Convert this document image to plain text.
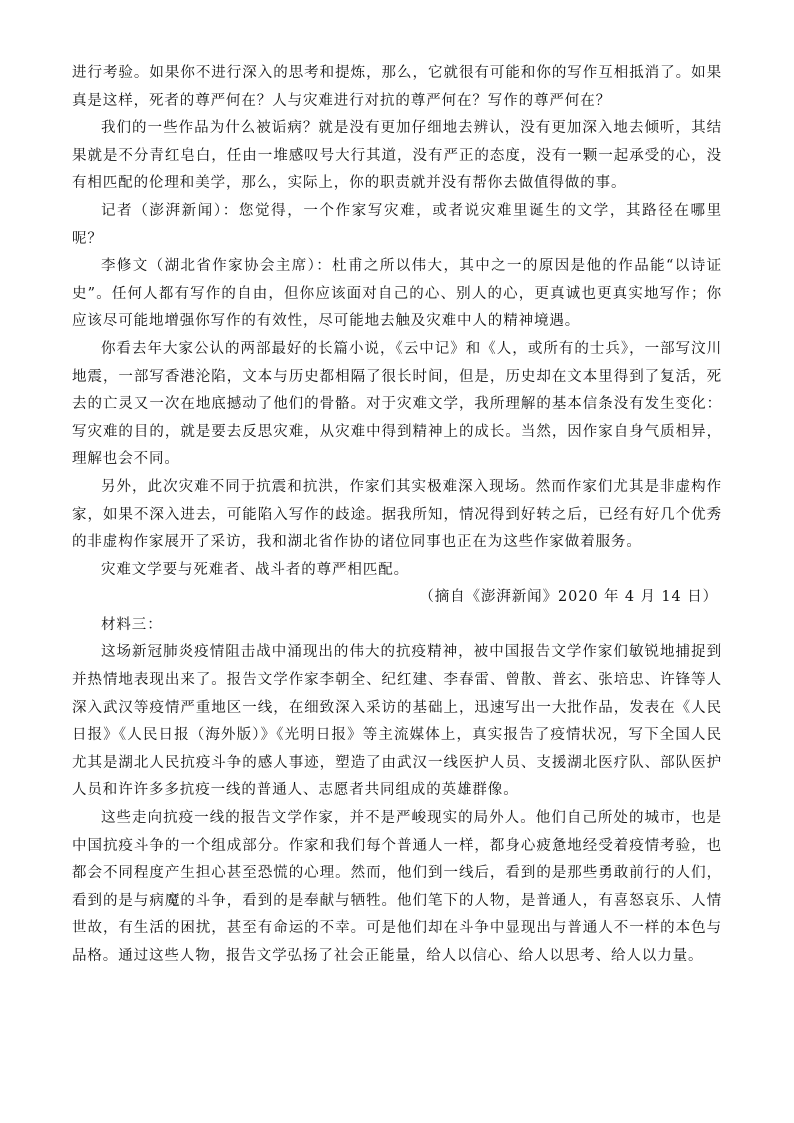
进行考验。如果你不进行深入的思考和提炼，那么，它就很有可能和你的写作互相抵消了。如果真是这样，死者的尊严何在？人与灾难进行对抗的尊严何在？写作的尊严何在？

我们的一些作品为什么被诟病？就是没有更加仔细地去辨认，没有更加深入地去倾听，其结果就是不分青红皂白，任由一堆感叹号大行其道，没有严正的态度，没有一颗一起承受的心，没有相匹配的伦理和美学，那么，实际上，你的职责就并没有帮你去做值得做的事。

记者（澎湃新闻）：您觉得，一个作家写灾难，或者说灾难里诞生的文学，其路径在哪里呢？

李修文（湖北省作家协会主席）：杜甫之所以伟大，其中之一的原因是他的作品能“以诗证史”。任何人都有写作的自由，但你应该面对自己的心、别人的心，更真诚也更真实地写作；你应该尽可能地增强你写作的有效性，尽可能地去触及灾难中人的精神境遇。

你看去年大家公认的两部最好的长篇小说，《云中记》和《人，或所有的士兵》，一部写汶川地震，一部写香港沦陷，文本与历史都相隔了很长时间，但是，历史却在文本里得到了复活，死去的亡灵又一次在地底撼动了他们的骨骼。对于灾难文学，我所理解的基本信条没有发生变化：写灾难的目的，就是要去反思灾难，从灾难中得到精神上的成长。当然，因作家自身气质相异，理解也会不同。

另外，此次灾难不同于抗震和抗洪，作家们其实极难深入现场。然而作家们尤其是非虚构作家，如果不深入进去，可能陷入写作的歧途。据我所知，情况得到好转之后，已经有好几个优秀的非虚构作家展开了采访，我和湖北省作协的诸位同事也正在为这些作家做着服务。

灾难文学要与死难者、战斗者的尊严相匹配。

（摘自《澎湃新闻》2020 年 4 月 14 日）

材料三：

这场新冠肺炎疫情阻击战中涌现出的伟大的抗疫精神，被中国报告文学作家们敏锐地捕捉到并热情地表现出来了。报告文学作家李朝全、纪红建、李春雷、曾散、普玄、张培忠、许锋等人深入武汉等疫情严重地区一线，在细致深入采访的基础上，迅速写出一大批作品，发表在《人民日报》《人民日报（海外版）》《光明日报》等主流媒体上，真实报告了疫情状况，写下全国人民尤其是湖北人民抗疫斗争的感人事迹，塑造了由武汉一线医护人员、支援湖北医疗队、部队医护人员和许许多多抗疫一线的普通人、志愿者共同组成的英雄群像。

这些走向抗疫一线的报告文学作家，并不是严峻现实的局外人。他们自己所处的城市，也是中国抗疫斗争的一个组成部分。作家和我们每个普通人一样，都身心疲惫地经受着疫情考验，也都会不同程度产生担心甚至恐慌的心理。然而，他们到一线后，看到的是那些勇敢前行的人们，看到的是与病魔的斗争，看到的是奉献与牺牲。他们笔下的人物，是普通人，有喜怒哀乐、人情世故，有生活的困扰，甚至有命运的不幸。可是他们却在斗争中显现出与普通人不一样的本色与品格。通过这些人物，报告文学弘扬了社会正能量，给人以信心、给人以思考、给人以力量。
